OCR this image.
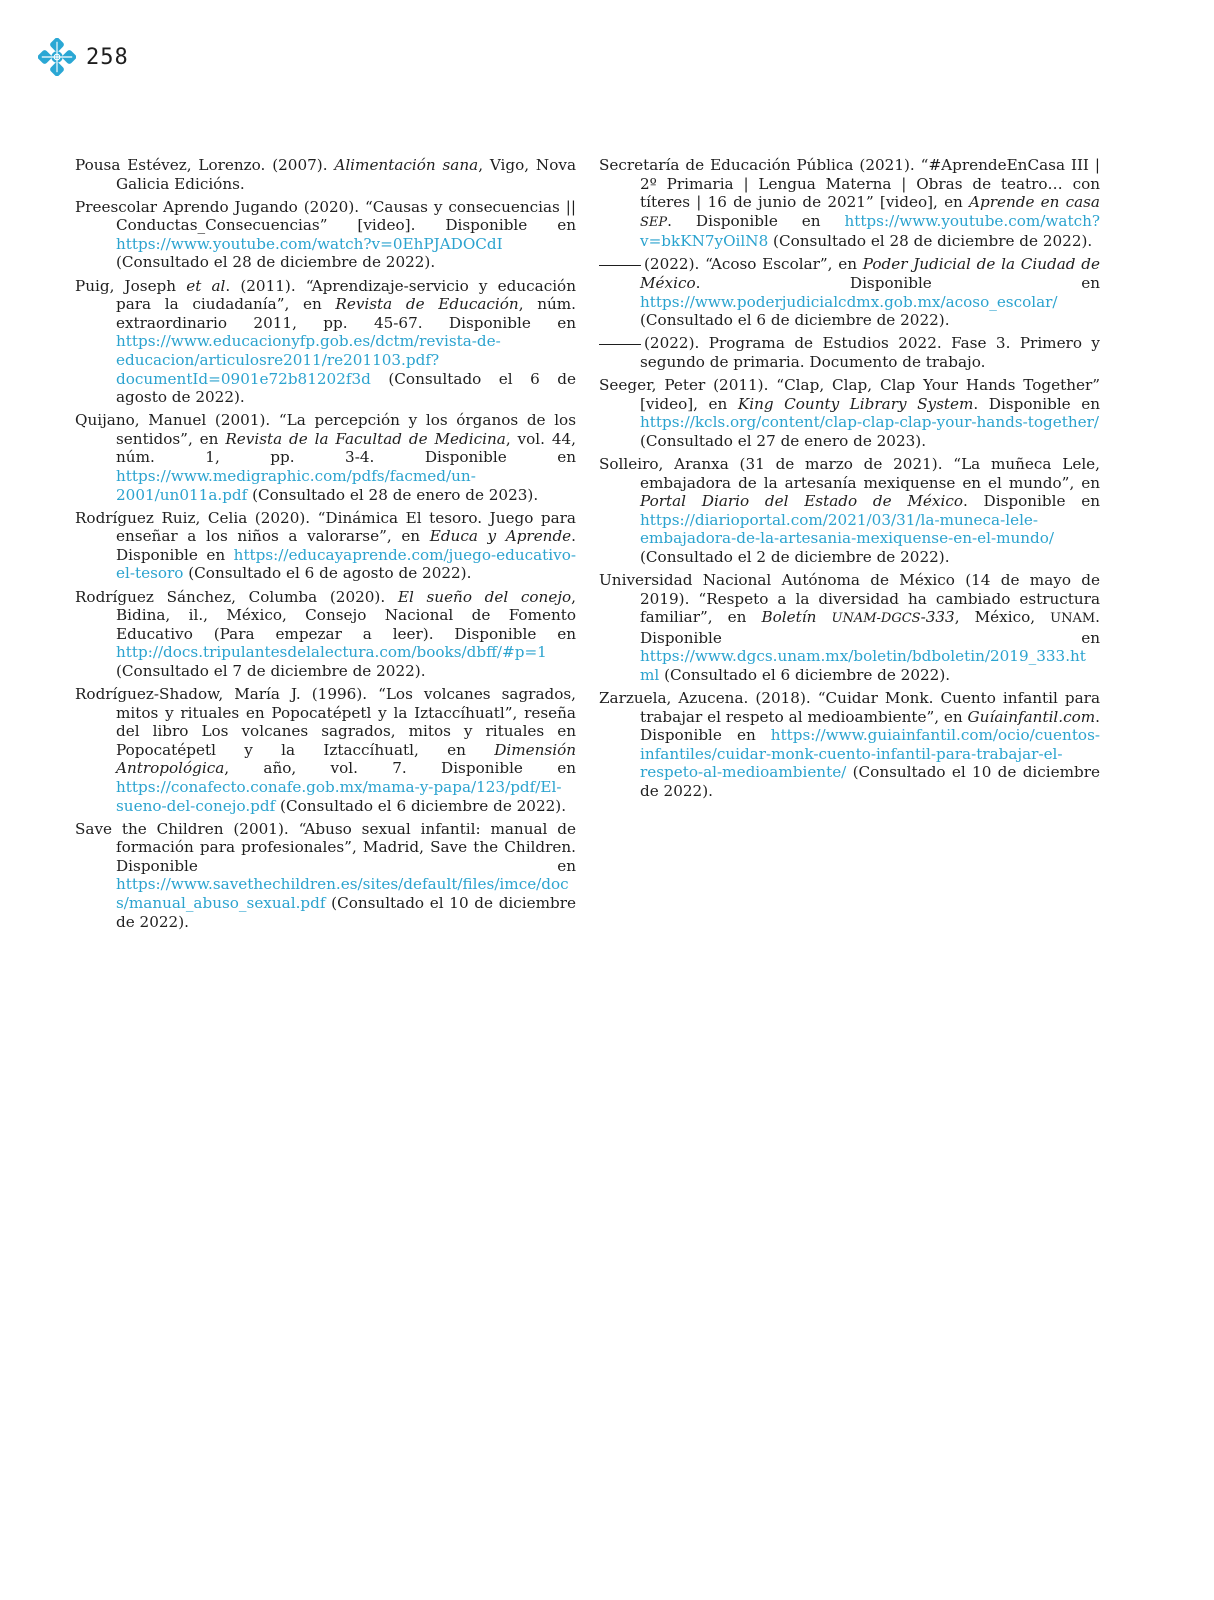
258

Pousa Estévez, Lorenzo. (2007). Alimentación sana, Vigo, Nova Galicia Edicións.

Preescolar Aprendo Jugando (2020). “Causas y consecuencias || Conductas_Consecuencias” [video]. Disponible en https://www.youtube.com/watch?v=0EhPJADOCdI (Consultado el 28 de diciembre de 2022).

Puig, Joseph et al. (2011). “Aprendizaje-servicio y educación para la ciudadanía”, en Revista de Educación, núm. extraordinario 2011, pp. 45-67. Disponible en https://www.educacionyfp.gob.es/dctm/revista-de-educacion/articulosre2011/re201103.pdf?documentId=0901e72b81202f3d (Consultado el 6 de agosto de 2022).

Quijano, Manuel (2001). “La percepción y los órganos de los sentidos”, en Revista de la Facultad de Medicina, vol. 44, núm. 1, pp. 3-4. Disponible en https://www.medigraphic.com/pdfs/facmed/un-2001/un011a.pdf (Consultado el 28 de enero de 2023).

Rodríguez Ruiz, Celia (2020). “Dinámica El tesoro. Juego para enseñar a los niños a valorarse”, en Educa y Aprende. Disponible en https://educayaprende.com/juego-educativo-el-tesoro (Consultado el 6 de agosto de 2022).

Rodríguez Sánchez, Columba (2020). El sueño del conejo, Bidina, il., México, Consejo Nacional de Fomento Educativo (Para empezar a leer). Disponible en http://docs.tripulantesdelalectura.com/books/dbff/#p=1 (Consultado el 7 de diciembre de 2022).

Rodríguez-Shadow, María J. (1996). “Los volcanes sagrados, mitos y rituales en Popocatépetl y la Iztaccíhuatl”, reseña del libro Los volcanes sagrados, mitos y rituales en Popocatépetl y la Iztaccíhuatl, en Dimensión Antropológica, año, vol. 7. Disponible en https://conafecto.conafe.gob.mx/mama-y-papa/123/pdf/El-sueno-del-conejo.pdf (Consultado el 6 diciembre de 2022).

Save the Children (2001). “Abuso sexual infantil: manual de formación para profesionales”, Madrid, Save the Children. Disponible en https://www.savethechildren.es/sites/default/files/imce/docs/manual_abuso_sexual.pdf (Consultado el 10 de diciembre de 2022).

Secretaría de Educación Pública (2021). “#AprendeEnCasa III | 2º Primaria | Lengua Materna | Obras de teatro… con títeres | 16 de junio de 2021” [video], en Aprende en casa SEP. Disponible en https://www.youtube.com/watch?v=bkKN7yOilN8 (Consultado el 28 de diciembre de 2022).

(2022). “Acoso Escolar”, en Poder Judicial de la Ciudad de México. Disponible en https://www.poderjudicialcdmx.gob.mx/acoso_escolar/ (Consultado el 6 de diciembre de 2022).

(2022). Programa de Estudios 2022. Fase 3. Primero y segundo de primaria. Documento de trabajo.

Seeger, Peter (2011). “Clap, Clap, Clap Your Hands Together” [video], en King County Library System. Disponible en https://kcls.org/content/clap-clap-clap-your-hands-together/ (Consultado el 27 de enero de 2023).

Solleiro, Aranxa (31 de marzo de 2021). “La muñeca Lele, embajadora de la artesanía mexiquense en el mundo”, en Portal Diario del Estado de México. Disponible en https://diarioportal.com/2021/03/31/la-muneca-lele-embajadora-de-la-artesania-mexiquense-en-el-mundo/ (Consultado el 2 de diciembre de 2022).

Universidad Nacional Autónoma de México (14 de mayo de 2019). “Respeto a la diversidad ha cambiado estructura familiar”, en Boletín UNAM-DGCS-333, México, UNAM. Disponible en https://www.dgcs.unam.mx/boletin/bdboletin/2019_333.html (Consultado el 6 diciembre de 2022).

Zarzuela, Azucena. (2018). “Cuidar Monk. Cuento infantil para trabajar el respeto al medioambiente”, en Guíainfantil.com. Disponible en https://www.guiainfantil.com/ocio/cuentos-infantiles/cuidar-monk-cuento-infantil-para-trabajar-el-respeto-al-medioambiente/ (Consultado el 10 de diciembre de 2022).
